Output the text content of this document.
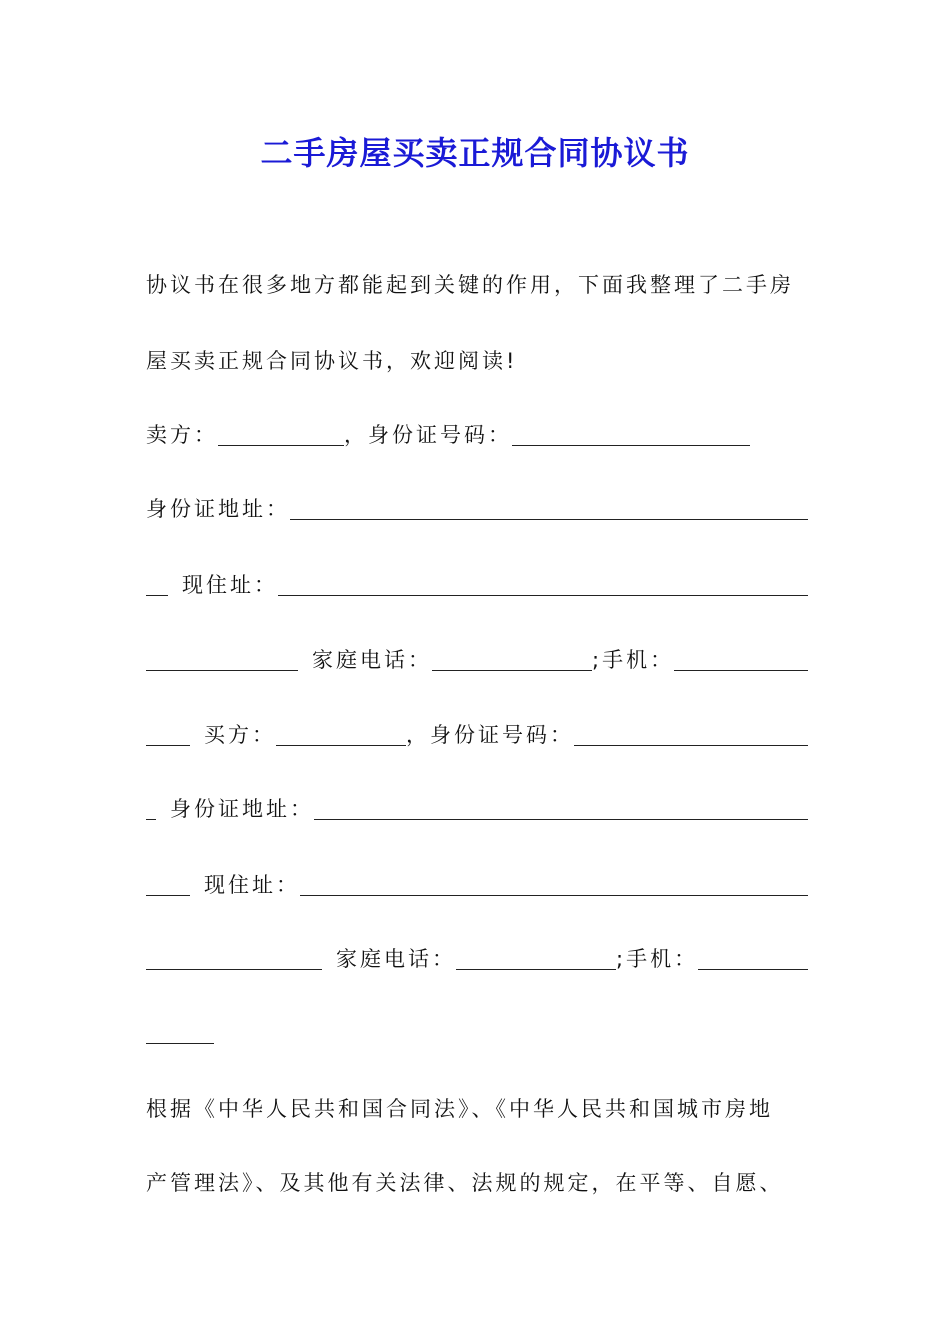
二手房屋买卖正规合同协议书
协议书在很多地方都能起到关键的作用，下面我整理了二手房
屋买卖正规合同协议书，欢迎阅读!
卖方：	，身份证号码：
身份证地址：
现住址：
家庭电话：	;手机：
买方：	，身份证号码：
身份证地址：
现住址：
家庭电话：	;手机：
根据《中华人民共和国合同法》、《中华人民共和国城市房地
产管理法》、及其他有关法律、法规的规定，在平等、自愿、
